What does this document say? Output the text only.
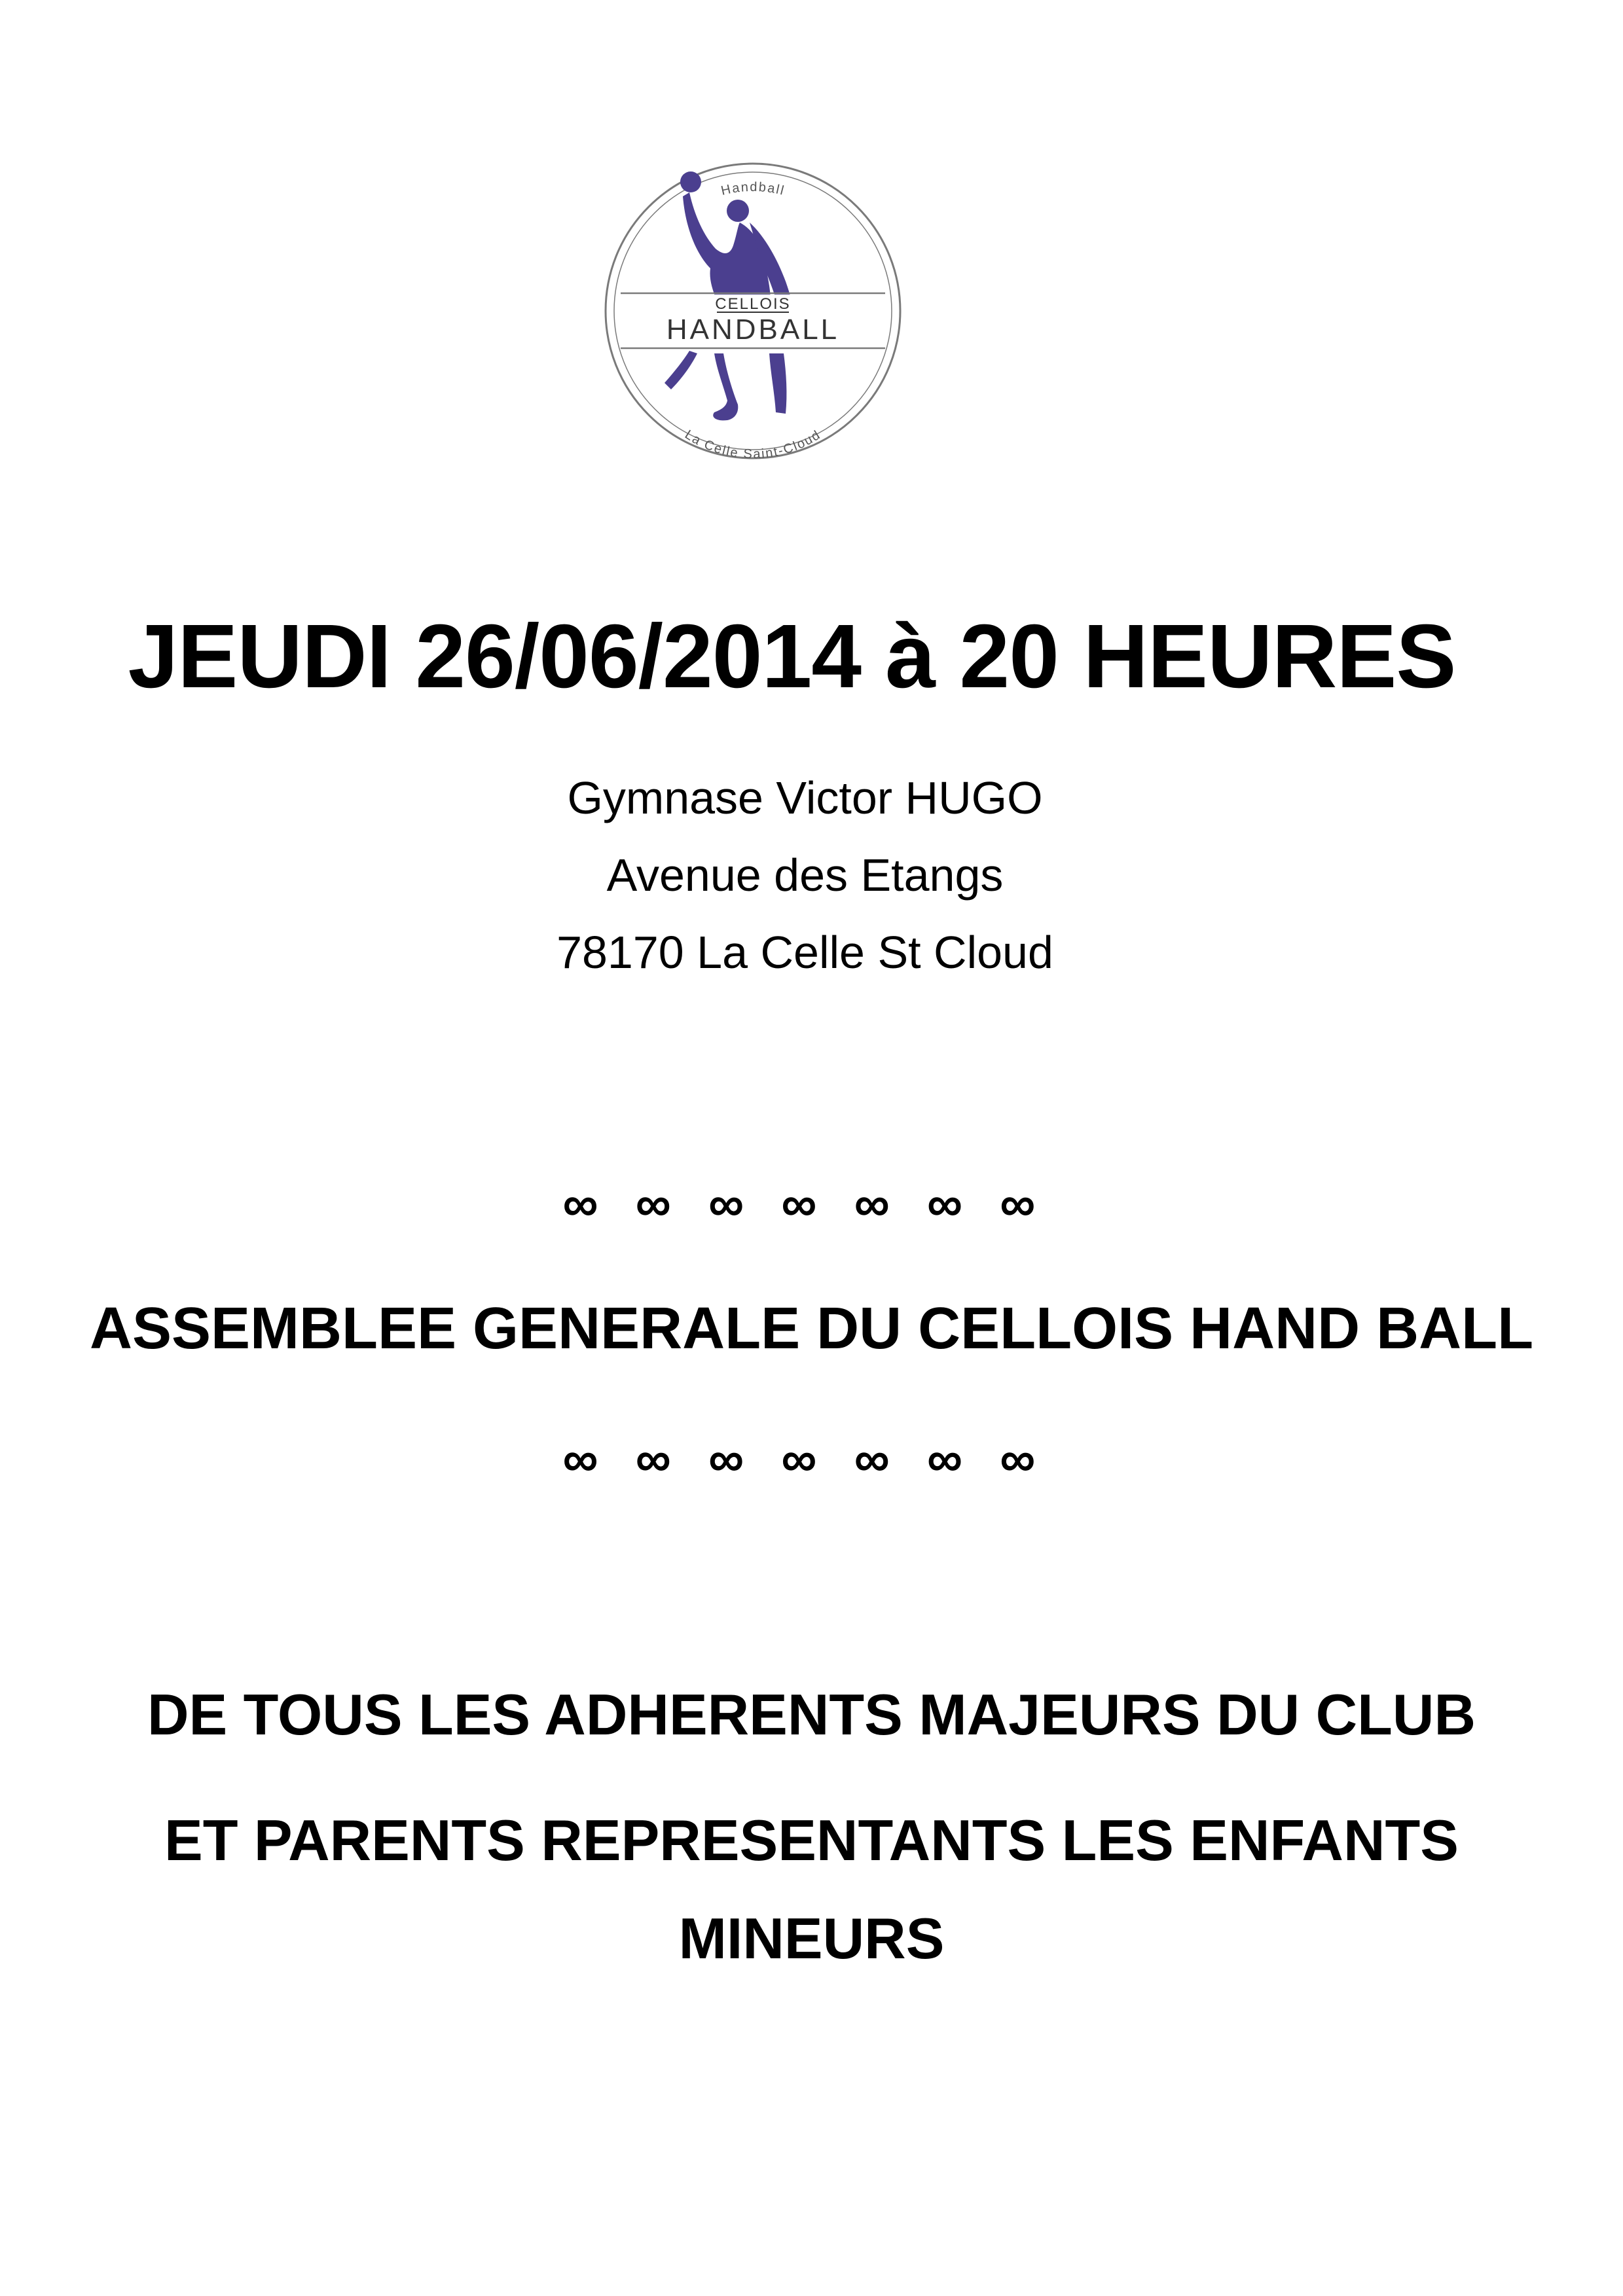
CELLOIS
HANDBALL
Handball
La Celle Saint-Cloud
JEUDI 26/06/2014 à 20 HEURES
Gymnase Victor HUGO
Avenue des Etangs
78170 La Celle St Cloud
∞ ∞ ∞ ∞ ∞ ∞ ∞
ASSEMBLEE GENERALE DU CELLOIS HAND BALL
∞ ∞ ∞ ∞ ∞ ∞ ∞
DE TOUS LES ADHERENTS MAJEURS DU CLUB
ET PARENTS REPRESENTANTS LES ENFANTS
MINEURS
